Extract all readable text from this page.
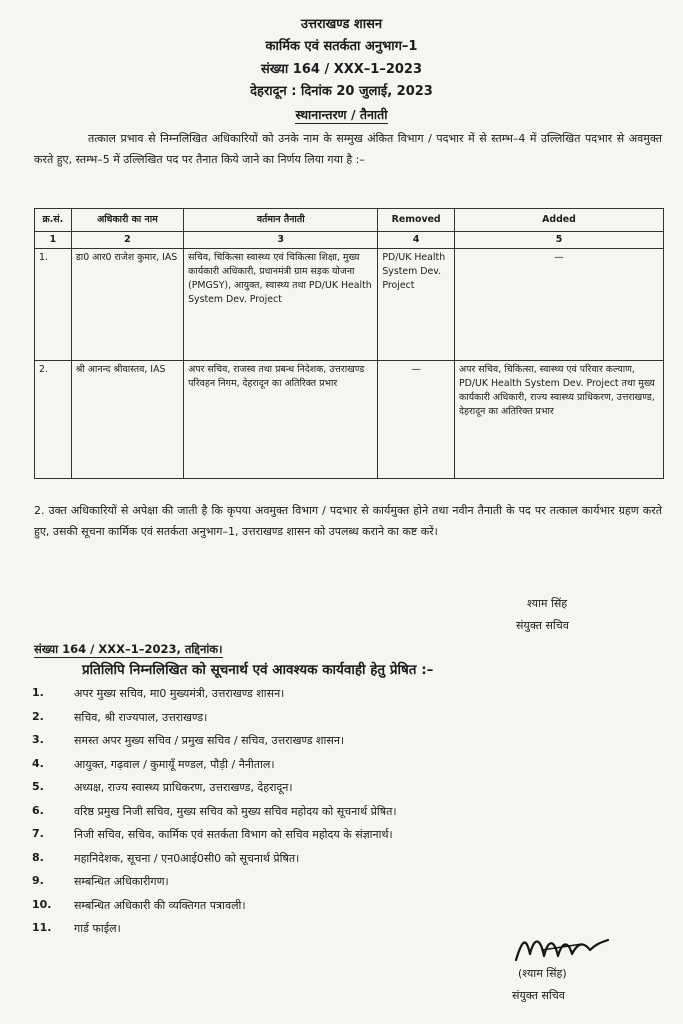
उत्तराखण्ड शासन
कार्मिक एवं सतर्कता अनुभाग–1
संख्या 164 / XXX–1–2023
देहरादून : दिनांक 20 जुलाई, 2023
स्थानान्तरण / तैनाती
तत्काल प्रभाव से निम्नलिखित अधिकारियों को उनके नाम के सम्मुख अंकित विभाग / पदभार में से स्तम्भ–4 में उल्लिखित पदभार से अवमुक्त करते हुए, स्तम्भ–5 में उल्लिखित पद पर तैनात किये जाने का निर्णय लिया गया है :–
क्र.सं.	अधिकारी का नाम	वर्तमान तैनाती	Removed	Added
1	2	3	4	5
1.	डा0 आर0 राजेश कुमार, IAS	सचिव, चिकित्सा स्वास्थ्य एवं चिकित्सा शिक्षा, मुख्य कार्यकारी अधिकारी, प्रधानमंत्री ग्राम सड़क योजना (PMGSY), आयुक्त, स्वास्थ्य तथा PD/UK Health System Dev. Project	PD/UK Health System Dev. Project	—
2.	श्री आनन्द श्रीवास्तव, IAS	अपर सचिव, राजस्व तथा प्रबन्ध निदेशक, उत्तराखण्ड परिवहन निगम, देहरादून का अतिरिक्त प्रभार	—	अपर सचिव, चिकित्सा, स्वास्थ्य एवं परिवार कल्याण, PD/UK Health System Dev. Project तथा मुख्य कार्यकारी अधिकारी, राज्य स्वास्थ्य प्राधिकरण, उत्तराखण्ड, देहरादून का अतिरिक्त प्रभार
2. उक्त अधिकारियों से अपेक्षा की जाती है कि कृपया अवमुक्त विभाग / पदभार से कार्यमुक्त होने तथा नवीन तैनाती के पद पर तत्काल कार्यभार ग्रहण करते हुए, उसकी सूचना कार्मिक एवं सतर्कता अनुभाग–1, उत्तराखण्ड शासन को उपलब्ध कराने का कष्ट करें।
श्याम सिंह
संयुक्त सचिव
संख्या 164 / XXX–1–2023, तद्दिनांक।
प्रतिलिपि निम्नलिखित को सूचनार्थ एवं आवश्यक कार्यवाही हेतु प्रेषित :–
1.	अपर मुख्य सचिव, मा0 मुख्यमंत्री, उत्तराखण्ड शासन।
2.	सचिव, श्री राज्यपाल, उत्तराखण्ड।
3.	समस्त अपर मुख्य सचिव / प्रमुख सचिव / सचिव, उत्तराखण्ड शासन।
4.	आयुक्त, गढ़वाल / कुमायूँ मण्डल, पौड़ी / नैनीताल।
5.	अध्यक्ष, राज्य स्वास्थ्य प्राधिकरण, उत्तराखण्ड, देहरादून।
6.	वरिष्ठ प्रमुख निजी सचिव, मुख्य सचिव को मुख्य सचिव महोदय को सूचनार्थ प्रेषित।
7.	निजी सचिव, सचिव, कार्मिक एवं सतर्कता विभाग को सचिव महोदय के संज्ञानार्थ।
8.	महानिदेशक, सूचना / एन0आई0सी0 को सूचनार्थ प्रेषित।
9.	सम्बन्धित अधिकारीगण।
10. सम्बन्धित अधिकारी की व्यक्तिगत पत्रावली।
11. गार्ड फाईल।
(श्याम सिंह)
संयुक्त सचिव
